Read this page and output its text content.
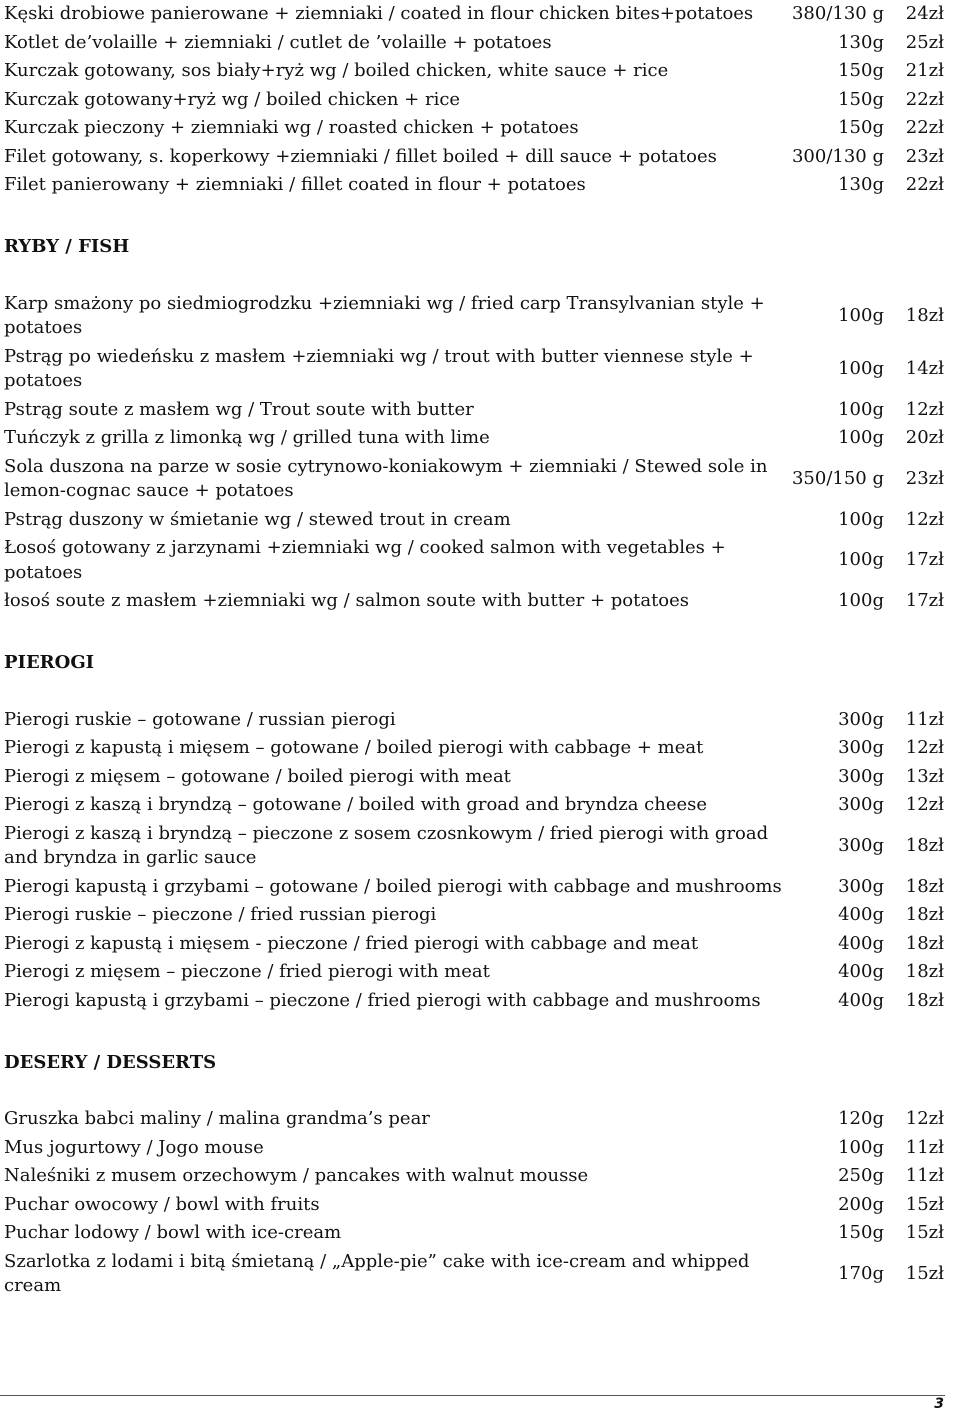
Kęski drobiowe panierowane + ziemniaki / coated in flour chicken bites+potatoes	380/130 g	24zł
Kotlet de’volaille + ziemniaki / cutlet de ’volaille + potatoes	130g	25zł
Kurczak gotowany, sos biały+ryż wg / boiled chicken, white sauce + rice	150g	21zł
Kurczak gotowany+ryż wg / boiled chicken + rice	150g	22zł
Kurczak pieczony + ziemniaki wg / roasted chicken + potatoes	150g	22zł
Filet gotowany, s. koperkowy +ziemniaki / fillet boiled + dill sauce + potatoes	300/130 g	23zł
Filet panierowany + ziemniaki / fillet coated in flour + potatoes	130g	22zł
RYBY / FISH
Karp smażony po siedmiogrodzku +ziemniaki wg / fried carp Transylvanian style + potatoes	100g	18zł
Pstrąg po wiedeńsku z masłem +ziemniaki wg / trout with butter viennese style + potatoes	100g	14zł
Pstrąg soute z masłem wg / Trout soute with butter	100g	12zł
Tuńczyk z grilla z limonką wg / grilled tuna with lime	100g	20zł
Sola duszona na parze w sosie cytrynowo-koniakowym + ziemniaki / Stewed sole in lemon-cognac sauce + potatoes	350/150 g	23zł
Pstrąg duszony w śmietanie wg / stewed trout in cream	100g	12zł
Łosoś gotowany z jarzynami +ziemniaki wg / cooked salmon with vegetables + potatoes	100g	17zł
łosoś soute z masłem +ziemniaki wg / salmon soute with butter + potatoes	100g	17zł
PIEROGI
Pierogi ruskie – gotowane / russian pierogi	300g	11zł
Pierogi z kapustą i mięsem – gotowane / boiled pierogi with cabbage + meat	300g	12zł
Pierogi z mięsem – gotowane / boiled pierogi with meat	300g	13zł
Pierogi z kaszą i bryndzą – gotowane / boiled with groad and bryndza cheese	300g	12zł
Pierogi z kaszą i bryndzą – pieczone z sosem czosnkowym / fried pierogi with groad and bryndza in garlic sauce	300g	18zł
Pierogi kapustą i grzybami – gotowane / boiled pierogi with cabbage and mushrooms	300g	18zł
Pierogi ruskie – pieczone / fried russian pierogi	400g	18zł
Pierogi z kapustą i mięsem - pieczone / fried pierogi with cabbage and meat	400g	18zł
Pierogi z mięsem – pieczone / fried pierogi with meat	400g	18zł
Pierogi kapustą i grzybami – pieczone / fried pierogi with cabbage and mushrooms	400g	18zł
DESERY / DESSERTS
Gruszka babci maliny / malina grandma’s pear	120g	12zł
Mus jogurtowy / Jogo mouse	100g	11zł
Naleśniki z musem orzechowym / pancakes with walnut mousse	250g	11zł
Puchar owocowy / bowl with fruits	200g	15zł
Puchar lodowy / bowl with ice-cream	150g	15zł
Szarlotka z lodami i bitą śmietaną / „Apple-pie” cake with ice-cream and whipped cream	170g	15zł
3
